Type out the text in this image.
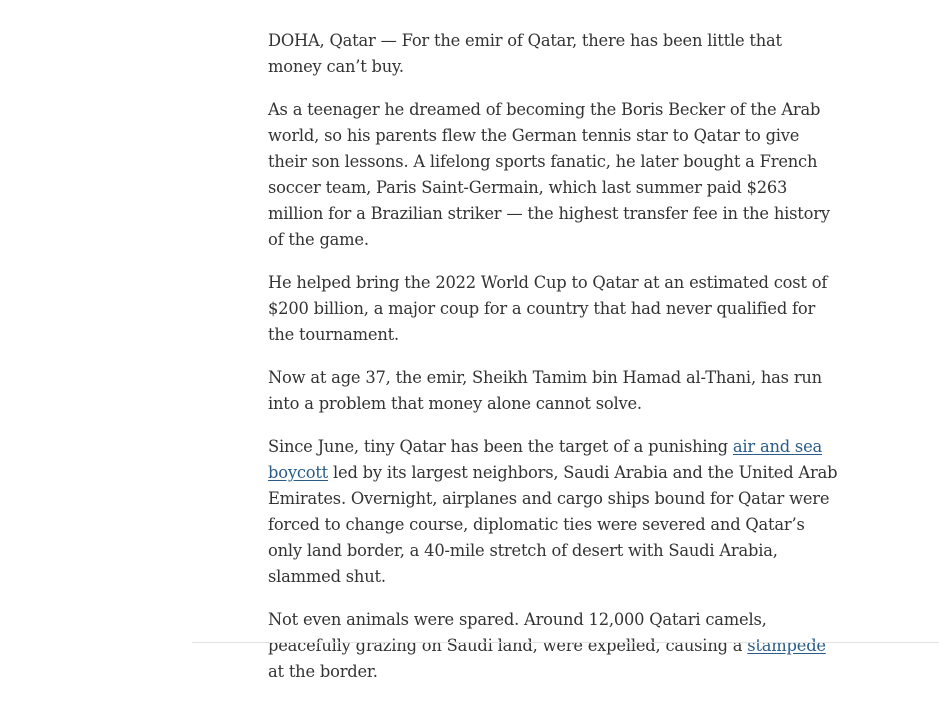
DOHA, Qatar — For the emir of Qatar, there has been little that money can’t buy.

As a teenager he dreamed of becoming the Boris Becker of the Arab world, so his parents flew the German tennis star to Qatar to give their son lessons. A lifelong sports fanatic, he later bought a French soccer team, Paris Saint-Germain, which last summer paid $263 million for a Brazilian striker — the highest transfer fee in the history of the game.

He helped bring the 2022 World Cup to Qatar at an estimated cost of $200 billion, a major coup for a country that had never qualified for the tournament.

Now at age 37, the emir, Sheikh Tamim bin Hamad al-Thani, has run into a problem that money alone cannot solve.

Since June, tiny Qatar has been the target of a punishing air and sea boycott led by its largest neighbors, Saudi Arabia and the United Arab Emirates. Overnight, airplanes and cargo ships bound for Qatar were forced to change course, diplomatic ties were severed and Qatar’s only land border, a 40-mile stretch of desert with Saudi Arabia, slammed shut.

Not even animals were spared. Around 12,000 Qatari camels, peacefully grazing on Saudi land, were expelled, causing a stampede at the border.
